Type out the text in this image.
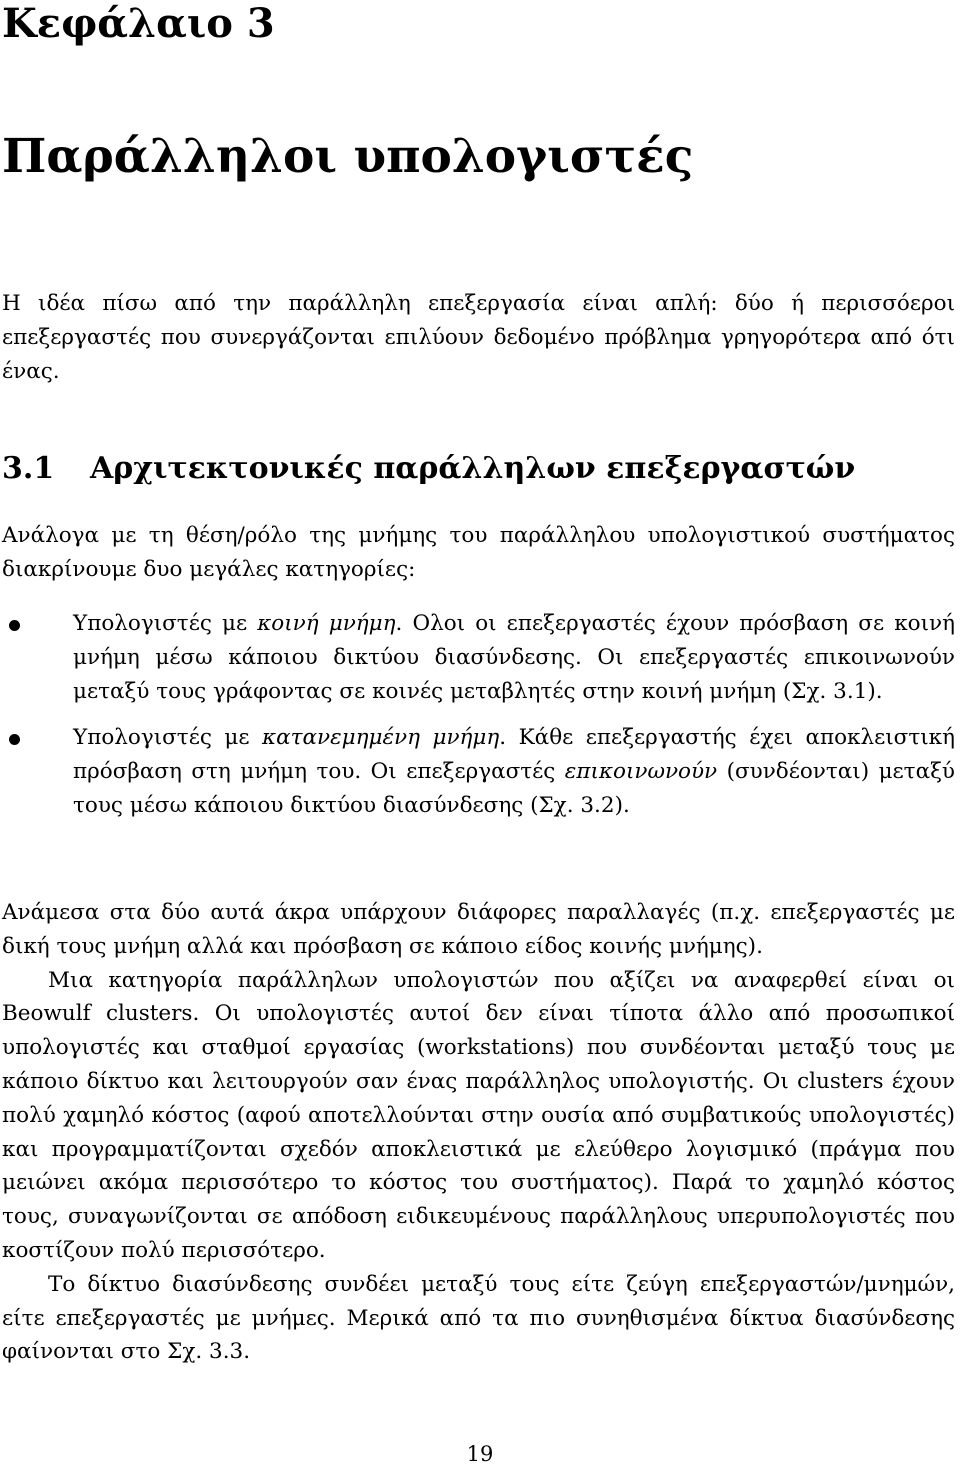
Κεφάλαιο 3
Παράλληλοι υπολογιστές

Η ιδέα πίσω από την παράλληλη επεξεργασία είναι απλή: δύο ή περισσόεροι επεξεργαστές που συνεργάζονται επιλύουν δεδομένο πρόβλημα γρηγορότερα από ότι ένας.

3.1 Αρχιτεκτονικές παράλληλων επεξεργαστών

Ανάλογα με τη θέση/ρόλο της μνήμης του παράλληλου υπολογιστικού συστήματος διακρίνουμε δυο μεγάλες κατηγορίες:

Υπολογιστές με κοινή μνήμη. Ολοι οι επεξεργαστές έχουν πρόσβαση σε κοινή μνήμη μέσω κάποιου δικτύου διασύνδεσης. Οι επεξεργαστές επικοινωνούν μεταξύ τους γράφοντας σε κοινές μεταβλητές στην κοινή μνήμη (Σχ. 3.1).
Υπολογιστές με κατανεμημένη μνήμη. Κάθε επεξεργαστής έχει αποκλειστική πρόσβαση στη μνήμη του. Οι επεξεργαστές επικοινωνούν (συνδέονται) μεταξύ τους μέσω κάποιου δικτύου διασύνδεσης (Σχ. 3.2).

Ανάμεσα στα δύο αυτά άκρα υπάρχουν διάφορες παραλλαγές (π.χ. επεξεργαστές με δική τους μνήμη αλλά και πρόσβαση σε κάποιο είδος κοινής μνήμης).

Μια κατηγορία παράλληλων υπολογιστών που αξίζει να αναφερθεί είναι οι Beowulf clusters. Οι υπολογιστές αυτοί δεν είναι τίποτα άλλο από προσωπικοί υπολογιστές και σταθμοί εργασίας (workstations) που συνδέονται μεταξύ τους με κάποιο δίκτυο και λειτουργούν σαν ένας παράλληλος υπολογιστής. Οι clusters έχουν πολύ χαμηλό κόστος (αφού αποτελλούνται στην ουσία από συμβατικούς υπολογιστές) και προγραμματίζονται σχεδόν αποκλειστικά με ελεύθερο λογισμικό (πράγμα που μειώνει ακόμα περισσότερο το κόστος του συστήματος). Παρά το χαμηλό κόστος τους, συναγωνίζονται σε απόδοση ειδικευμένους παράλληλους υπερυπολογιστές που κοστίζουν πολύ περισσότερο.

Το δίκτυο διασύνδεσης συνδέει μεταξύ τους είτε ζεύγη επεξεργαστών/μνημών, είτε επεξεργαστές με μνήμες. Μερικά από τα πιο συνηθισμένα δίκτυα διασύνδεσης φαίνονται στο Σχ. 3.3.

19
